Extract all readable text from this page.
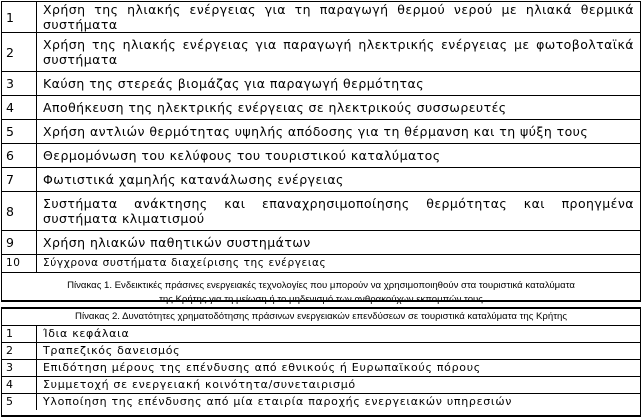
1	Χρήση της ηλιακής ενέργειας για τη παραγωγή θερμού νερού με ηλιακά θερμικά συστήματα
2	Χρήση της ηλιακής ενέργειας για παραγωγή ηλεκτρικής ενέργειας με φωτοβολταϊκά συστήματα
3	Καύση της στερεάς βιομάζας για παραγωγή θερμότητας
4	Αποθήκευση της ηλεκτρικής ενέργειας σε ηλεκτρικούς συσσωρευτές
5	Χρήση αντλιών θερμότητας υψηλής απόδοσης για τη θέρμανση και τη ψύξη τους
6	Θερμομόνωση του κελύφους του τουριστικού καταλύματος
7	Φωτιστικά χαμηλής κατανάλωσης ενέργειας
8	Συστήματα ανάκτησης και επαναχρησιμοποίησης θερμότητας και προηγμένα συστήματα κλιματισμού
9	Χρήση ηλιακών παθητικών συστημάτων
10	Σύγχρονα συστήματα διαχείρισης της ενέργειας
Πίνακας 1. Ενδεικτικές πράσινες ενεργειακές τεχνολογίες που μπορούν να χρησιμοποιηθούν στα τουριστικά καταλύματα
της Κρήτης για τη μείωση ή το μηδενισμό των ανθρακούχων εκπομπών τους
Πίνακας 2. Δυνατότητες χρηματοδότησης πράσινων ενεργειακών επενδύσεων σε τουριστικά καταλύματα της Κρήτης
1	Ίδια κεφάλαια
2	Τραπεζικός δανεισμός
3	Επιδότηση μέρους της επένδυσης από εθνικούς ή Ευρωπαϊκούς πόρους
4	Συμμετοχή σε ενεργειακή κοινότητα/συνεταιρισμό
5	Υλοποίηση της επένδυσης από μία εταιρία παροχής ενεργειακών υπηρεσιών
